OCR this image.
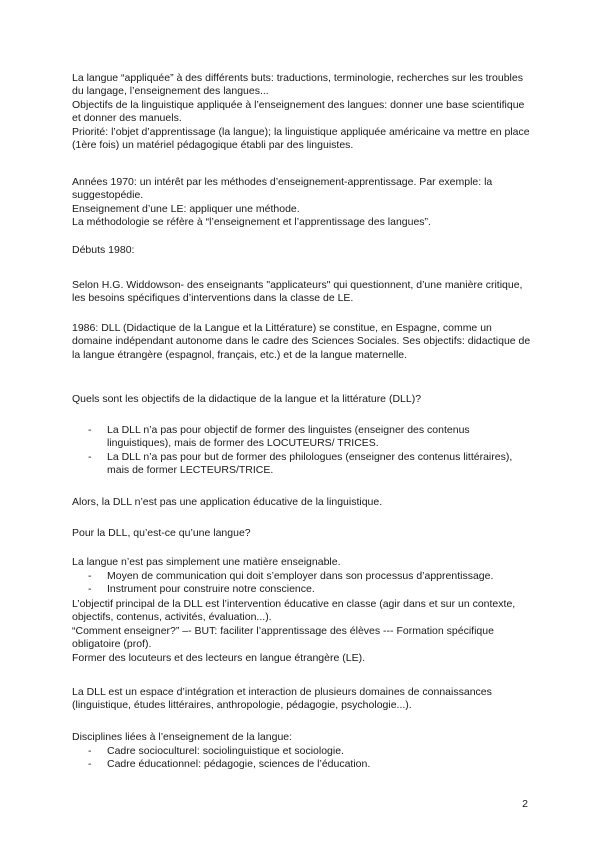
La langue “appliquée” à des différents buts: traductions, terminologie, recherches sur les troubles du langage, l’enseignement des langues...

Objectifs de la linguistique appliquée à l’enseignement des langues: donner une base scientifique et donner des manuels.

Priorité: l’objet d’apprentissage (la langue); la linguistique appliquée américaine va mettre en place (1ère fois) un matériel pédagogique établi par des linguistes.

Années 1970: un intérêt par les méthodes d’enseignement-apprentissage. Par exemple: la suggestopédie.

Enseignement d’une LE: appliquer une méthode.

La méthodologie se réfère à “l’enseignement et l’apprentissage des langues”.

Débuts 1980:

Selon H.G. Widdowson- des enseignants "applicateurs" qui questionnent, d’une manière critique, les besoins spécifiques d’interventions dans la classe de LE.

1986: DLL (Didactique de la Langue et la Littérature) se constitue, en Espagne, comme un domaine indépendant autonome dans le cadre des Sciences Sociales. Ses objectifs: didactique de la langue étrangère (espagnol, français, etc.) et de la langue maternelle.

Quels sont les objectifs de la didactique de la langue et la littérature (DLL)?

- La DLL n’a pas pour objectif de former des linguistes (enseigner des contenus linguistiques), mais de former des LOCUTEURS/ TRICES.
- La DLL n’a pas pour but de former des philologues (enseigner des contenus littéraires), mais de former LECTEURS/TRICE.

Alors, la DLL n’est pas une application éducative de la linguistique.

Pour la DLL, qu’est-ce qu’une langue?

La langue n’est pas simplement une matière enseignable.

- Moyen de communication qui doit s’employer dans son processus d’apprentissage.
- Instrument pour construire notre conscience.

L’objectif principal de la DLL est l’intervention éducative en classe (agir dans et sur un contexte, objectifs, contenus, activités, évaluation...).

“Comment enseigner?” –- BUT: faciliter l’apprentissage des élèves --- Formation spécifique obligatoire (prof).

Former des locuteurs et des lecteurs en langue étrangère (LE).

La DLL est un espace d’intégration et interaction de plusieurs domaines de connaissances (linguistique, études littéraires, anthropologie, pédagogie, psychologie...).

Disciplines liées à l’enseignement de la langue:

- Cadre socioculturel: sociolinguistique et sociologie.
- Cadre éducationnel: pédagogie, sciences de l’éducation.
2
